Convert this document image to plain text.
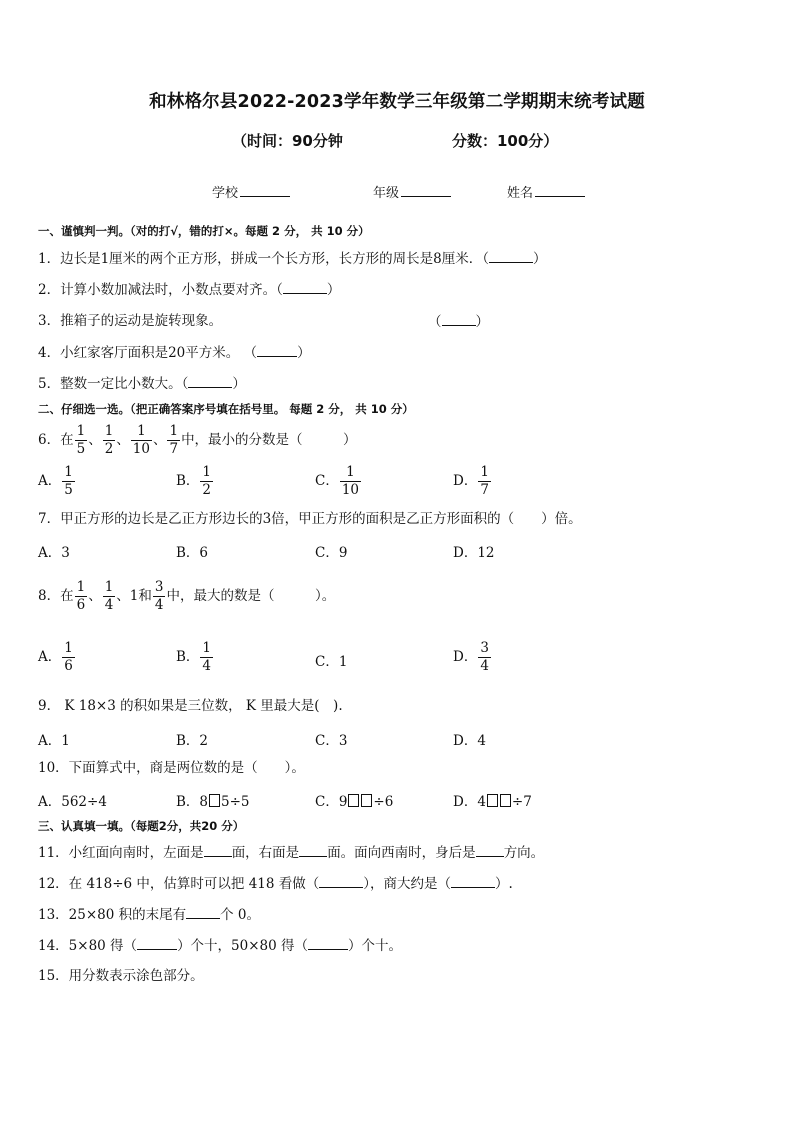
和林格尔县2022-2023学年数学三年级第二学期期末统考试题
（时间：90分钟	分数：100分）
学校	年级	姓名
一、谨慎判一判。（对的打√，错的打×。每题 2 分， 共 10 分）
1．边长是1厘米的两个正方形，拼成一个长方形，长方形的周长是8厘米．（	）
2．计算小数加减法时，小数点要对齐。（	）
3．推箱子的运动是旋转现象。	（	）
4．小红家客厅面积是20平方米。 （	）
5．整数一定比小数大。（	）
二、仔细选一选。（把正确答案序号填在括号里。 每题 2 分， 共 10 分）
6．在 $\frac{1}{5}$ 、 $\frac{1}{2}$ 、 $\frac{1}{10}$ 、 $\frac{1}{7}$ 中，最小的分数是（　　　）
A． $\frac{1}{5}$	B． $\frac{1}{2}$	C． $\frac{1}{10}$	D． $\frac{1}{7}$
7．甲正方形的边长是乙正方形边长的3倍，甲正方形的面积是乙正方形面积的（　　）倍。
A．3	B．6	C．9	D．12
8．在 $\frac{1}{6}$ 、 $\frac{1}{4}$ 、1和 $\frac{3}{4}$ 中，最大的数是（　　　）。
A． $\frac{1}{6}$	B． $\frac{1}{4}$	C．1	D． $\frac{3}{4}$
9． K 18×3 的积如果是三位数， K 里最大是(　).
A．1	B．2	C．3	D．4
10．下面算式中，商是两位数的是（　　）。
A．562÷4	B．8 5÷5	C．9 ÷6	D．4 ÷7
三、认真填一填。（每题2分，共20 分）
11．小红面向南时，左面是 面，右面是 面。面向西南时，身后是 方向。
12．在 418÷6 中，估算时可以把 418 看做（	），商大约是（	）.
13．25×80 积的末尾有	个 0。
14．5×80 得（	）个十，50×80 得（	）个十。
15．用分数表示涂色部分。
